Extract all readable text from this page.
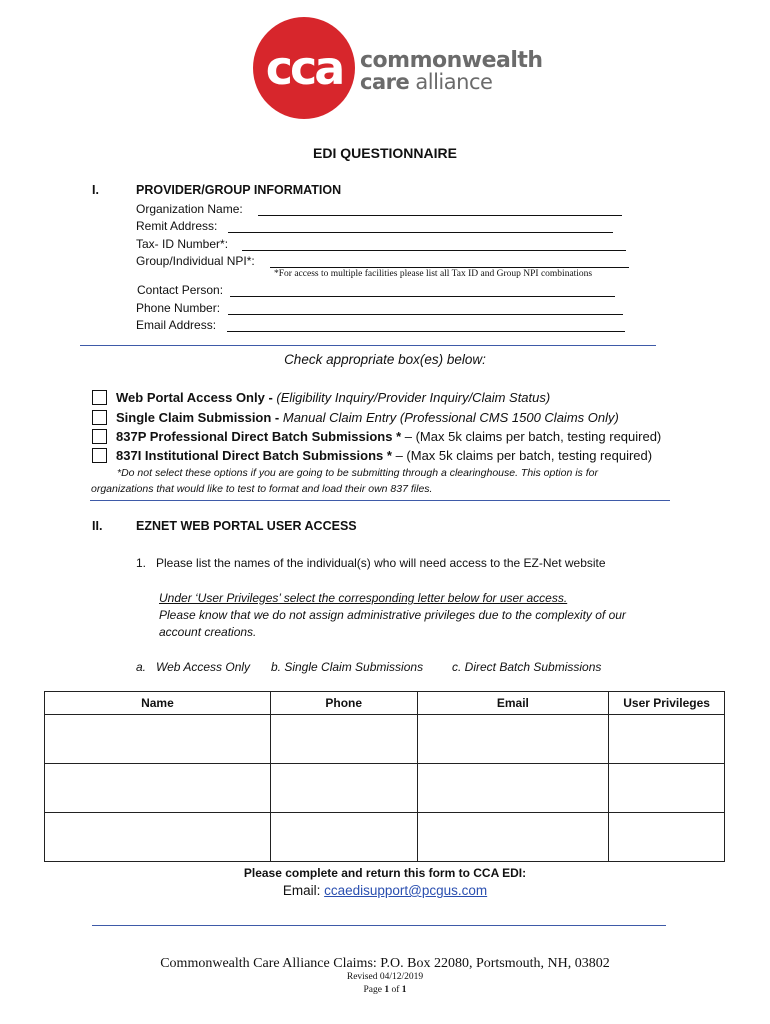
cca commonwealth
care alliance
EDI QUESTIONNAIRE
I.	PROVIDER/GROUP INFORMATION
Organization Name:
Remit Address:
Tax- ID Number*:
Group/Individual NPI*:
*For access to multiple facilities please list all Tax ID and Group NPI combinations
Contact Person:
Phone Number:
Email Address:
Check appropriate box(es) below:
Web Portal Access Only - (Eligibility Inquiry/Provider Inquiry/Claim Status)
Single Claim Submission - Manual Claim Entry (Professional CMS 1500 Claims Only)
837P Professional Direct Batch Submissions * – (Max 5k claims per batch, testing required)
837I Institutional Direct Batch Submissions * – (Max 5k claims per batch, testing required)
*Do not select these options if you are going to be submitting through a clearinghouse. This option is for
organizations that would like to test to format and load their own 837 files.
II.	EZNET WEB PORTAL USER ACCESS
1.   Please list the names of the individual(s) who will need access to the EZ-Net website
Under ‘User Privileges’ select the corresponding letter below for user access.
Please know that we do not assign administrative privileges due to the complexity of our
account creations.
a.   Web Access Only b. Single Claim Submissions c. Direct Batch Submissions
Name	Phone	Email	User Privileges

Please complete and return this form to CCA EDI:
Email: ccaedisupport@pcgus.com
Commonwealth Care Alliance Claims: P.O. Box 22080, Portsmouth, NH, 03802
Revised 04/12/2019
Page 1 of 1
